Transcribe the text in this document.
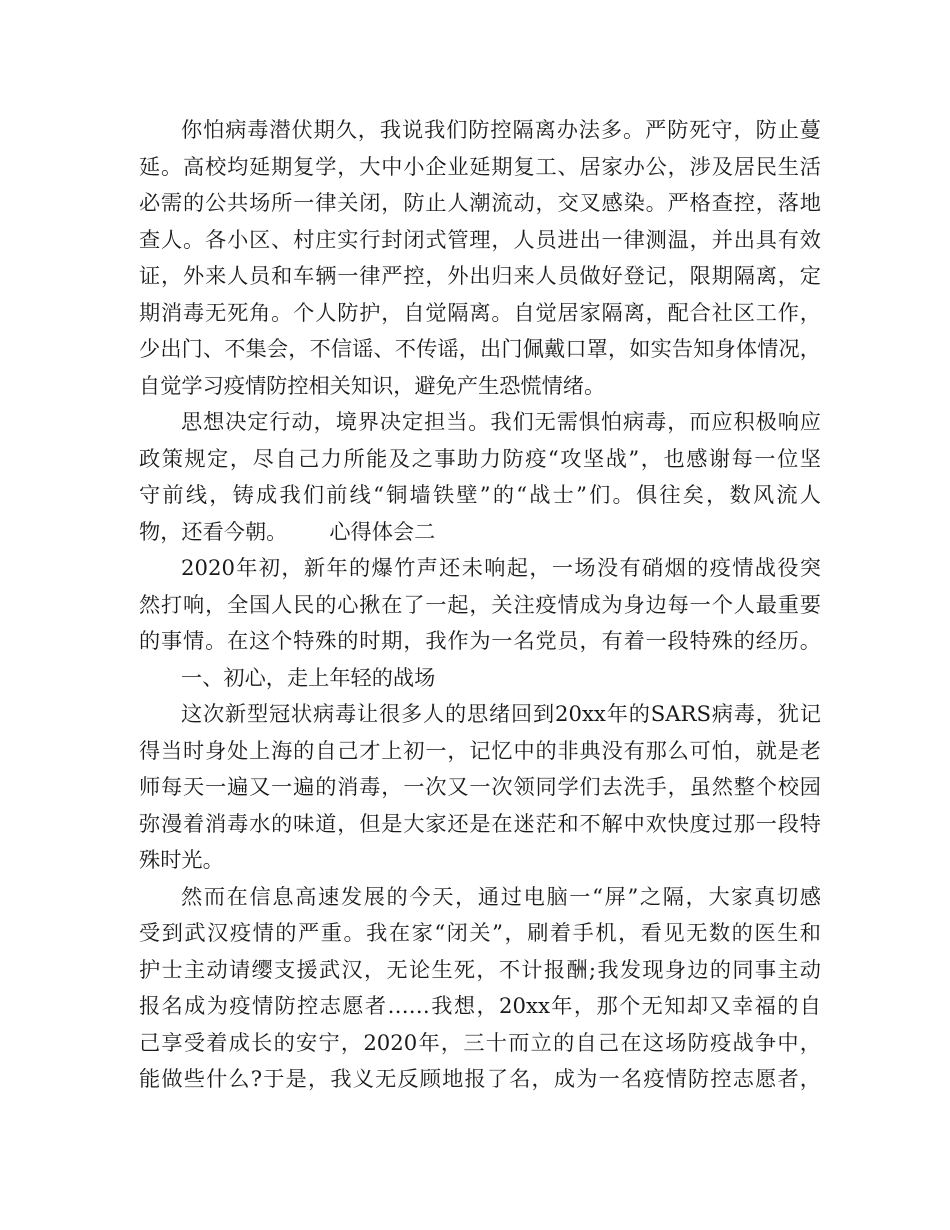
你怕病毒潜伏期久，我说我们防控隔离办法多。严防死守，防止蔓
延。高校均延期复学，大中小企业延期复工、居家办公，涉及居民生活
必需的公共场所一律关闭，防止人潮流动，交叉感染。严格查控，落地
查人。各小区、村庄实行封闭式管理，人员进出一律测温，并出具有效
证，外来人员和车辆一律严控，外出归来人员做好登记，限期隔离，定
期消毒无死角。个人防护，自觉隔离。自觉居家隔离，配合社区工作，
少出门、不集会，不信谣、不传谣，出门佩戴口罩，如实告知身体情况，
自觉学习疫情防控相关知识，避免产生恐慌情绪。
思想决定行动，境界决定担当。我们无需惧怕病毒，而应积极响应
政策规定，尽自己力所能及之事助力防疫“攻坚战”，也感谢每一位坚
守前线，铸成我们前线“铜墙铁壁”的“战士”们。俱往矣，数风流人
物，还看今朝。 心得体会二
2020年初，新年的爆竹声还未响起，一场没有硝烟的疫情战役突
然打响，全国人民的心揪在了一起，关注疫情成为身边每一个人最重要
的事情。在这个特殊的时期，我作为一名党员，有着一段特殊的经历。
一、初心，走上年轻的战场
这次新型冠状病毒让很多人的思绪回到20xx年的SARS病毒，犹记
得当时身处上海的自己才上初一，记忆中的非典没有那么可怕，就是老
师每天一遍又一遍的消毒，一次又一次领同学们去洗手，虽然整个校园
弥漫着消毒水的味道，但是大家还是在迷茫和不解中欢快度过那一段特
殊时光。
然而在信息高速发展的今天，通过电脑一“屏”之隔，大家真切感
受到武汉疫情的严重。我在家“闭关”，刷着手机，看见无数的医生和
护士主动请缨支援武汉，无论生死，不计报酬;我发现身边的同事主动
报名成为疫情防控志愿者……我想，20xx年，那个无知却又幸福的自
己享受着成长的安宁，2020年，三十而立的自己在这场防疫战争中，
能做些什么?于是，我义无反顾地报了名，成为一名疫情防控志愿者，
